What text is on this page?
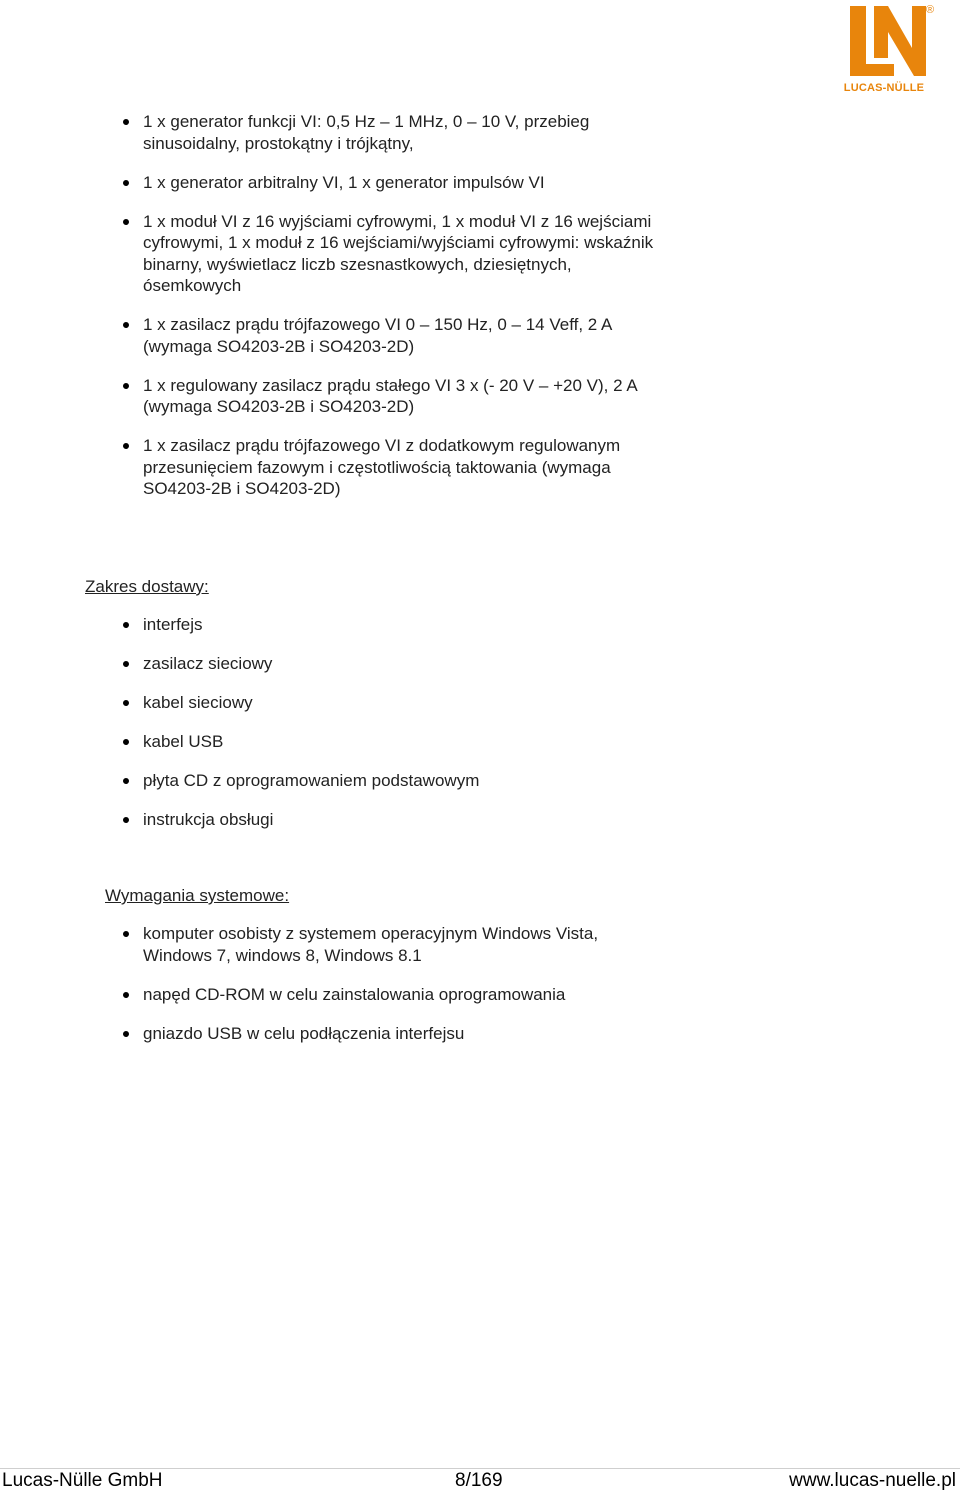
®
LUCAS-NÜLLE
1 x generator funkcji VI: 0,5 Hz – 1 MHz, 0 – 10 V, przebieg sinusoidalny, prostokątny i trójkątny,
1 x generator arbitralny VI, 1 x generator impulsów VI
1 x moduł VI z 16 wyjściami cyfrowymi, 1 x moduł VI z 16 wejściami cyfrowymi, 1 x moduł z 16 wejściami/wyjściami cyfrowymi: wskaźnik binarny, wyświetlacz liczb szesnastkowych, dziesiętnych, ósemkowych
1 x zasilacz prądu trójfazowego VI 0 – 150 Hz, 0 – 14 Veff, 2 A (wymaga SO4203-2B i SO4203-2D)
1 x regulowany zasilacz prądu stałego VI 3 x (- 20 V – +20 V), 2 A (wymaga SO4203-2B i SO4203-2D)
1 x zasilacz prądu trójfazowego VI z dodatkowym regulowanym przesunięciem fazowym i częstotliwością taktowania (wymaga SO4203-2B i SO4203-2D)
Zakres dostawy:
interfejs
zasilacz sieciowy
kabel sieciowy
kabel USB
płyta CD z oprogramowaniem podstawowym
instrukcja obsługi
Wymagania systemowe:
komputer osobisty z systemem operacyjnym Windows Vista, Windows 7, windows 8, Windows 8.1
napęd CD-ROM w celu zainstalowania oprogramowania
gniazdo USB w celu podłączenia interfejsu
Lucas-Nülle GmbH	8/169	www.lucas-nuelle.pl
